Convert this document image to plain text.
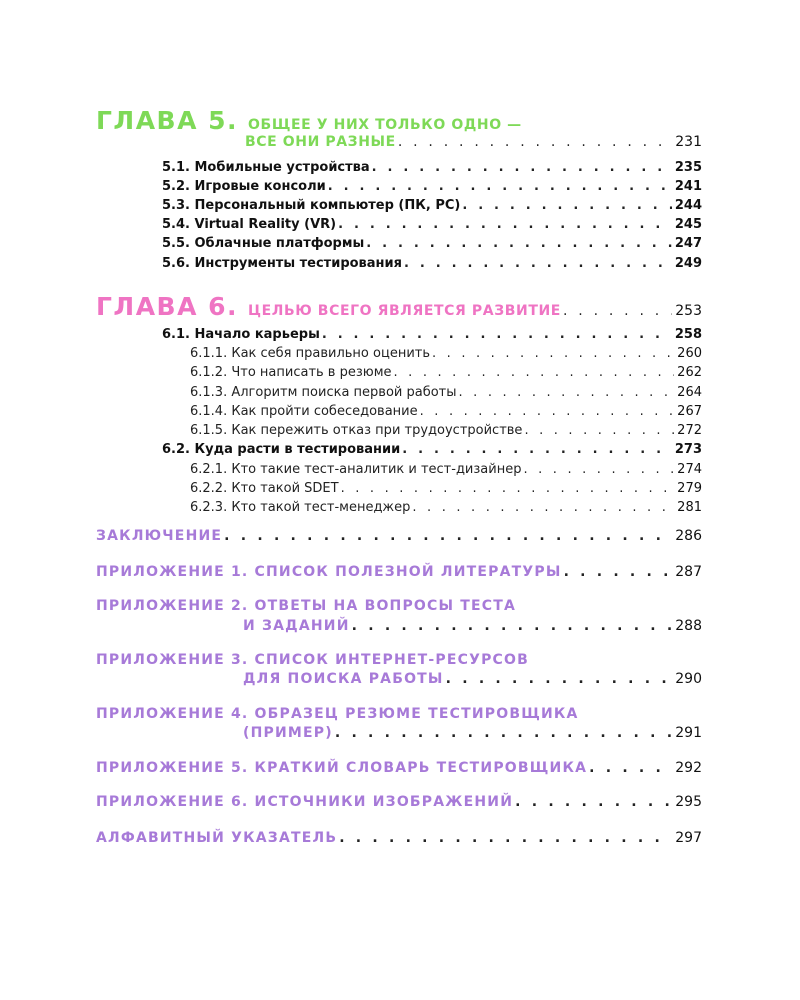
ГЛАВА 5. ОБЩЕЕ У НИХ ТОЛЬКО ОДНО —
ВСЕ ОНИ РАЗНЫЕ . . .	231
5.1. Мобильные устройства . . .	235
5.2. Игровые консоли . . .	241
5.3. Персональный компьютер (ПК, PC) . . .	244
5.4. Virtual Reality (VR) . . .	245
5.5. Облачные платформы . . .	247
5.6. Инструменты тестирования . . .	249
ГЛАВА 6. ЦЕЛЬЮ ВСЕГО ЯВЛЯЕТСЯ РАЗВИТИЕ . . .	253
6.1. Начало карьеры . . .	258
6.1.1. Как себя правильно оценить . . .	260
6.1.2. Что написать в резюме . . .	262
6.1.3. Алгоритм поиска первой работы . . .	264
6.1.4. Как пройти собеседование . . .	267
6.1.5. Как пережить отказ при трудоустройстве . . .	272
6.2. Куда расти в тестировании . . .	273
6.2.1. Кто такие тест-аналитик и тест-дизайнер . . .	274
6.2.2. Кто такой SDET . . .	279
6.2.3. Кто такой тест-менеджер . . .	281
ЗАКЛЮЧЕНИЕ . . .	286
ПРИЛОЖЕНИЕ 1. СПИСОК ПОЛЕЗНОЙ ЛИТЕРАТУРЫ . . .	287
ПРИЛОЖЕНИЕ 2. ОТВЕТЫ НА ВОПРОСЫ ТЕСТА
И ЗАДАНИЙ . . .	288
ПРИЛОЖЕНИЕ 3. СПИСОК ИНТЕРНЕТ-РЕСУРСОВ
ДЛЯ ПОИСКА РАБОТЫ . . .	290
ПРИЛОЖЕНИЕ 4. ОБРАЗЕЦ РЕЗЮМЕ ТЕСТИРОВЩИКА
(ПРИМЕР) . . .	291
ПРИЛОЖЕНИЕ 5. КРАТКИЙ СЛОВАРЬ ТЕСТИРОВЩИКА . . .	292
ПРИЛОЖЕНИЕ 6. ИСТОЧНИКИ ИЗОБРАЖЕНИЙ . . .	295
АЛФАВИТНЫЙ УКАЗАТЕЛЬ . . .	297
